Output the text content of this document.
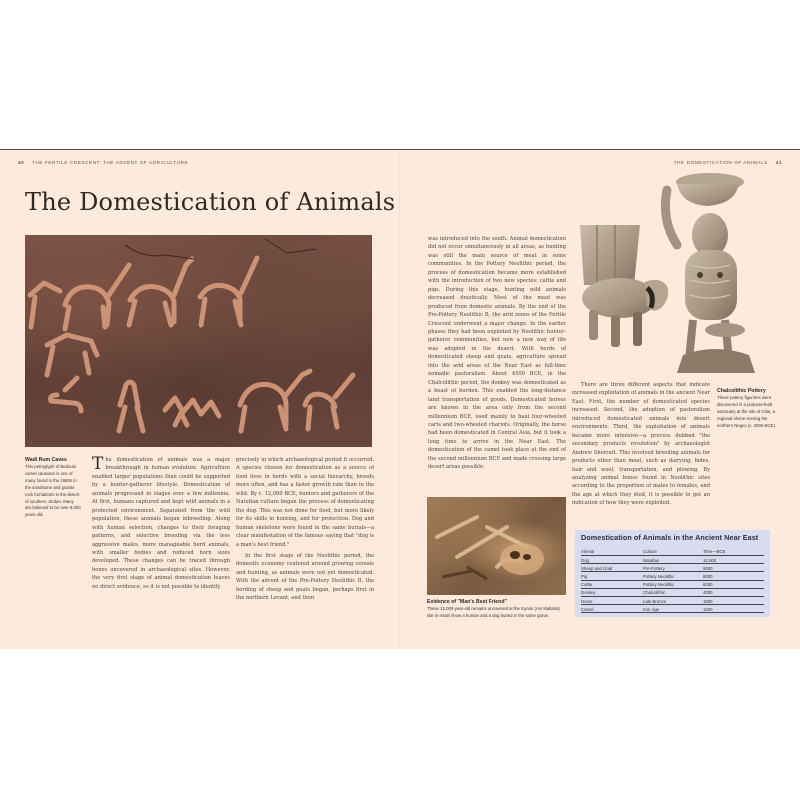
40 THE FERTILE CRESCENT: THE ADVENT OF AGRICULTURE	THE DOMESTICATION OF ANIMALS 41
The Domestication of Animals
Wadi Rum Caves
This petroglyph of Bedouin camel caravans is one of many found in the 1980s in the sandstone and granite rock formations in the desert of southern Jordan. Many are believed to be over 8,000 years old.

The domestication of animals was a major breakthrough in human evolution. Agriculture enabled larger populations than could be supported by a hunter-gatherer lifestyle. Domestication of animals progressed in stages over a few millennia. At first, humans captured and kept wild animals in a protected environment. Separated from the wild population, these animals began inbreeding. Along with human selection, changes to their foraging patterns, and selective breeding via the less aggressive males, more manageable herd animals, with smaller bodies and reduced horn sizes developed. These changes can be traced through bones uncovered in archaeological sites. However, the very first stage of animal domestication leaves no direct evidence, so it is not possible to identify

precisely in which archaeological period it occurred. A species chosen for domestication as a source of food lives in herds with a social hierarchy, breeds more often, and has a faster growth rate than in the wild. By c. 12,000 BCE, hunters and gatherers of the Natufian culture began the process of domesticating the dog. This was not done for food, but more likely for its skills in hunting, and for protection. Dog and human skeletons were found in the same burials—a clear manifestation of the famous saying that "dog is a man's best friend."

In the first stage of the Neolithic period, the domestic economy centered around growing cereals and hunting, as animals were not yet domesticated. With the advent of the Pre-Pottery Neolithic B, the herding of sheep and goats began, perhaps first in the northern Levant, and then

was introduced into the south. Animal domestication did not occur simultaneously in all areas, as hunting was still the main source of meat in some communities. In the Pottery Neolithic period, the process of domestication became more established with the introduction of two new species: cattle and pigs. During this stage, hunting wild animals decreased drastically. Most of the meat was produced from domestic animals. By the end of the Pre-Pottery Neolithic B, the arid zones of the Fertile Crescent underwent a major change. In the earlier phases they had been exploited by Neolithic hunter-gatherer communities, but now a new way of life was adopted in the desert. With herds of domesticated sheep and goats, agriculture spread into the arid areas of the Near East as full-time nomadic pastoralism. About 4500 BCE, in the Chalcolithic period, the donkey was domesticated as a beast of burden. This enabled the long-distance land transportation of goods. Domesticated horses are known in the area only from the second millennium BCE, used mainly to haul four-wheeled carts and two-wheeled chariots. Originally, the horse had been domesticated in Central Asia, but it took a long time to arrive in the Near East. The domestication of the camel took place at the end of the second millennium BCE and made crossing large desert areas possible.

Evidence of "Man's Best Friend"
These 12,000-year-old remains uncovered at the Eynan (Ain Mallaha) site in Israel show a human and a dog buried in the same grave.
Chalcolithic Pottery
These pottery figurines were discovered in a purpose-built sanctuary at the site of Gilat, a regional shrine serving the northern Negev (c. 4000 BCE).

There are three different aspects that indicate increased exploitation of animals in the ancient Near East. First, the number of domesticated species increased. Second, the adoption of pastoralism introduced domesticated animals into desert environments. Third, the exploitation of animals became more intensive—a process dubbed "the secondary products revolution" by archaeologist Andrew Sherratt. This involved breeding animals for products other than meat, such as dairying, hides, hair and wool, transportation, and plowing. By analyzing animal bones found in Neolithic sites according to the proportion of males to females, and the age at which they died, it is possible to get an indication of how they were exploited.

Domestication of Animals in the Ancient Near East
Animal	Culture	Time—BCE
Dog	Natufian	12,000
Sheep and Goat	Pre-Pottery	9000
Pig	Pottery Neolithic	8000
Cattle	Pottery Neolithic	6000
Donkey	Chalcolithic	4000
Horse	Late Bronze	1500
Camel	Iron Age	1200
